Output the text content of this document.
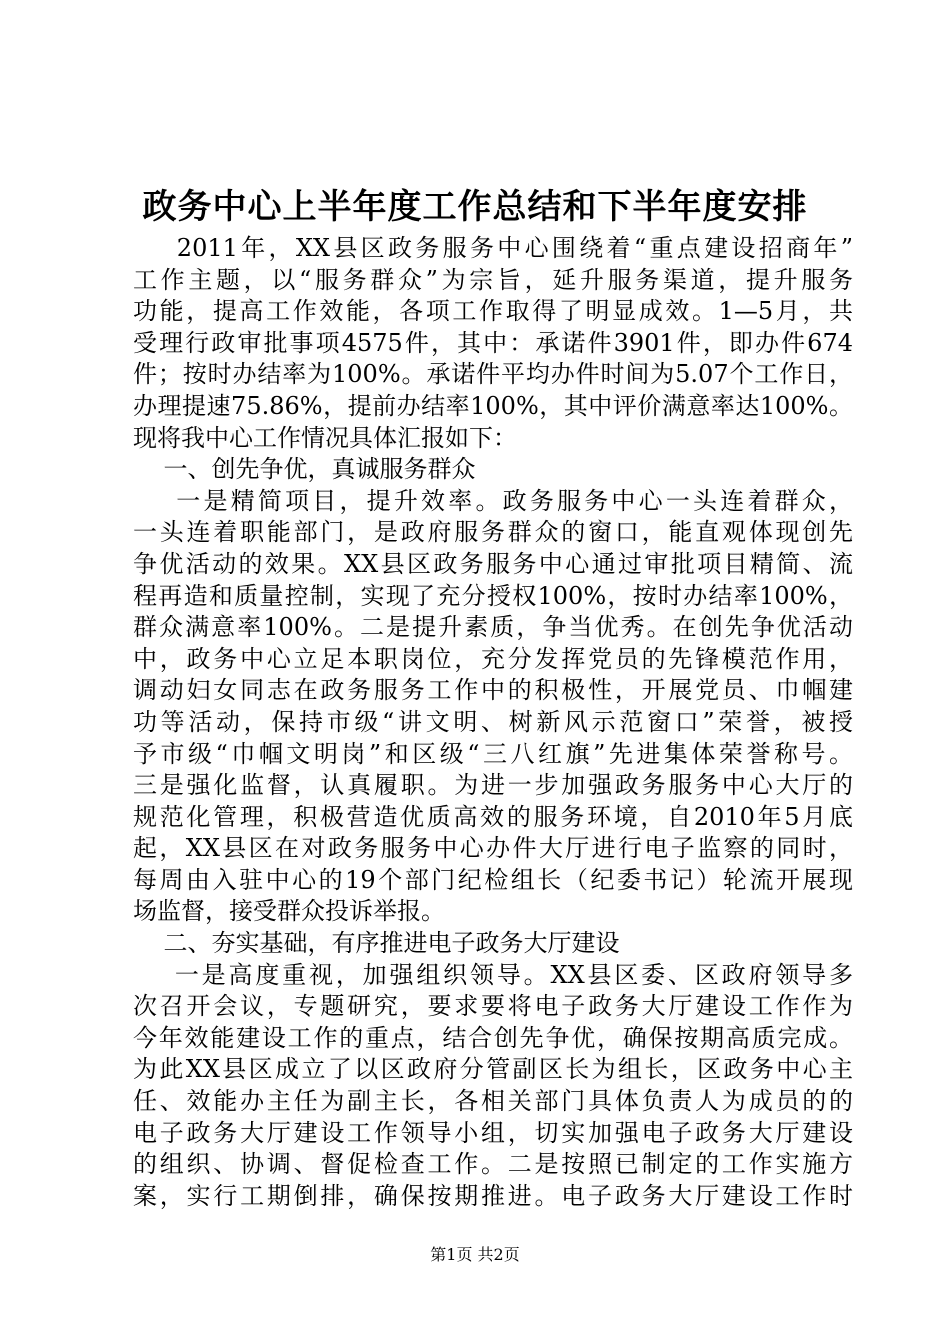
政务中心上半年度工作总结和下半年度安排
2011年，XX县区政务服务中心围绕着“重点建设招商年”
工作主题，以“服务群众”为宗旨，延升服务渠道，提升服务
功能，提高工作效能，各项工作取得了明显成效。1—5月，共
受理行政审批事项4575件，其中：承诺件3901件，即办件674
件；按时办结率为100%。承诺件平均办件时间为5.07个工作日，
办理提速75.86%，提前办结率100%，其中评价满意率达100%。
现将我中心工作情况具体汇报如下：
一、创先争优，真诚服务群众
一是精简项目，提升效率。政务服务中心一头连着群众，
一头连着职能部门，是政府服务群众的窗口，能直观体现创先
争优活动的效果。XX县区政务服务中心通过审批项目精简、流
程再造和质量控制，实现了充分授权100%，按时办结率100%，
群众满意率100%。二是提升素质，争当优秀。在创先争优活动
中，政务中心立足本职岗位，充分发挥党员的先锋模范作用，
调动妇女同志在政务服务工作中的积极性，开展党员、巾帼建
功等活动，保持市级“讲文明、树新风示范窗口”荣誉，被授
予市级“巾帼文明岗”和区级“三八红旗”先进集体荣誉称号。
三是强化监督，认真履职。为进一步加强政务服务中心大厅的
规范化管理，积极营造优质高效的服务环境，自2010年5月底
起，XX县区在对政务服务中心办件大厅进行电子监察的同时，
每周由入驻中心的19个部门纪检组长（纪委书记）轮流开展现
场监督，接受群众投诉举报。
二、夯实基础，有序推进电子政务大厅建设
一是高度重视，加强组织领导。XX县区委、区政府领导多
次召开会议，专题研究，要求要将电子政务大厅建设工作作为
今年效能建设工作的重点，结合创先争优，确保按期高质完成。
为此XX县区成立了以区政府分管副区长为组长，区政务中心主
任、效能办主任为副主长，各相关部门具体负责人为成员的的
电子政务大厅建设工作领导小组，切实加强电子政务大厅建设
的组织、协调、督促检查工作。二是按照已制定的工作实施方
案，实行工期倒排，确保按期推进。电子政务大厅建设工作时
第1页 共2页
